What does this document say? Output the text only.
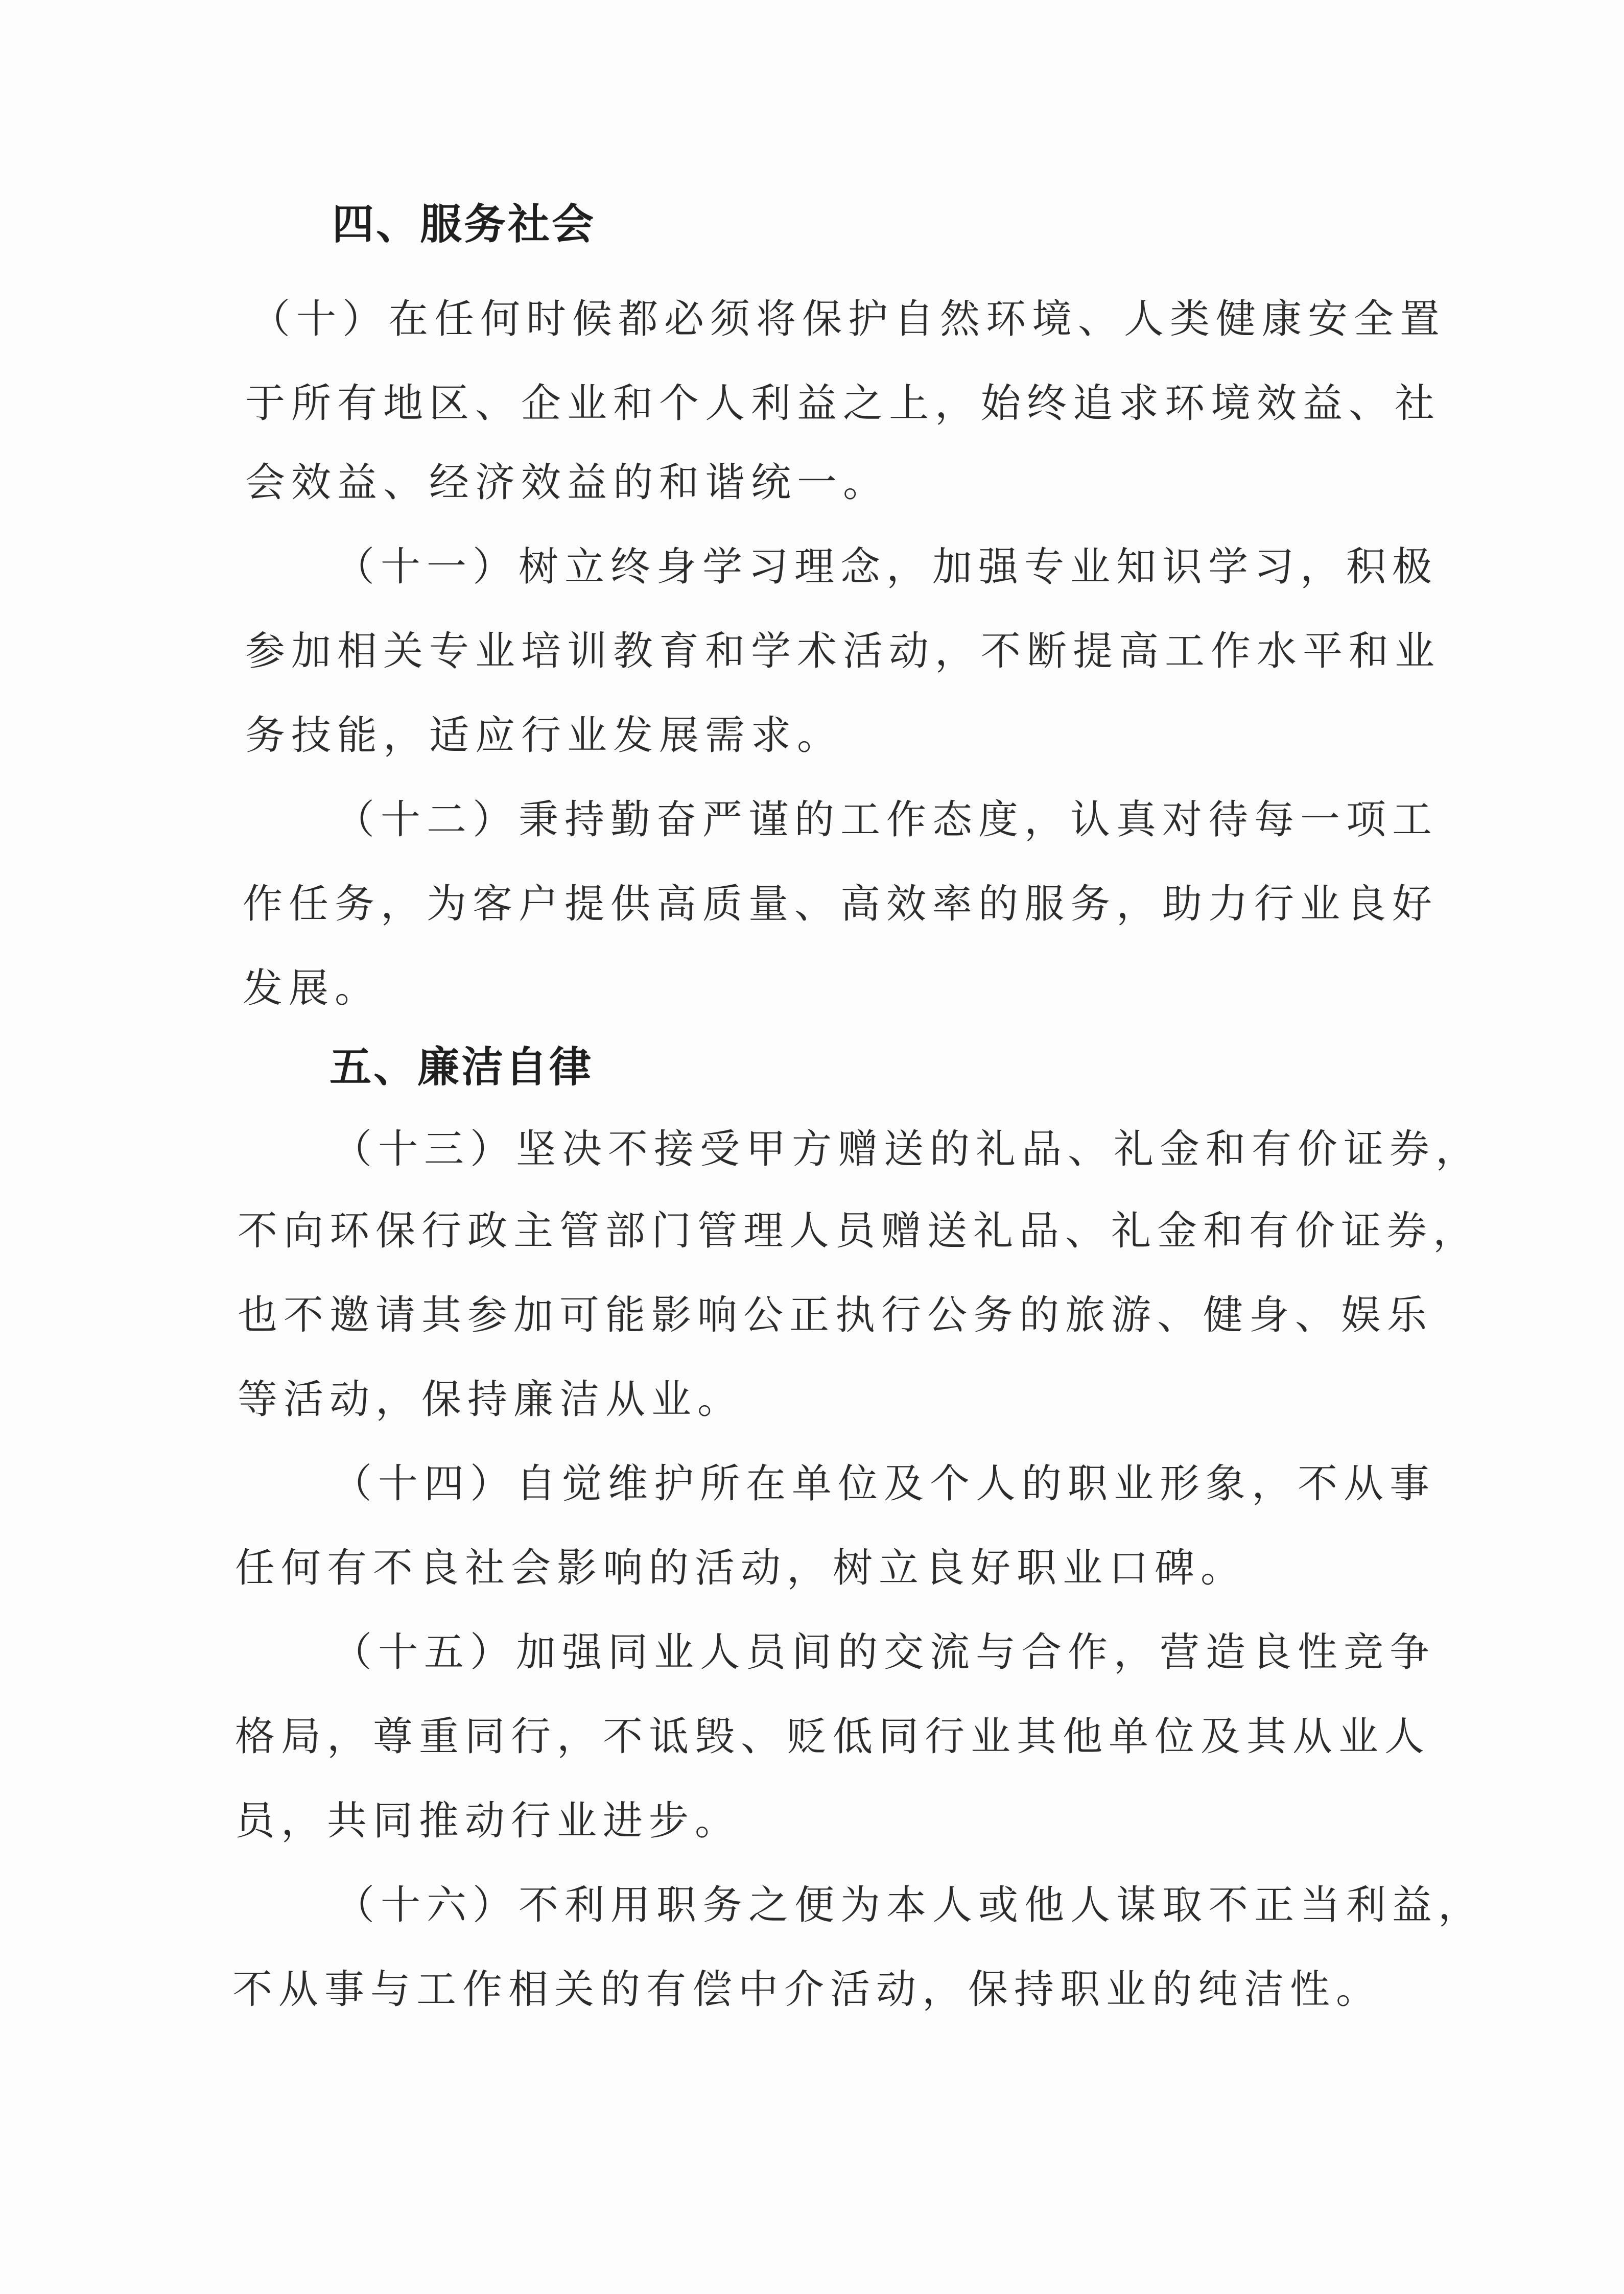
四、服务社会
（十）在任何时候都必须将保护自然环境、人类健康安全置
于所有地区、企业和个人利益之上，始终追求环境效益、社
会效益、经济效益的和谐统一。
（十一）树立终身学习理念，加强专业知识学习，积极
参加相关专业培训教育和学术活动，不断提高工作水平和业
务技能，适应行业发展需求。
（十二）秉持勤奋严谨的工作态度，认真对待每一项工
作任务，为客户提供高质量、高效率的服务，助力行业良好
发展。
五、廉洁自律
（十三）坚决不接受甲方赠送的礼品、礼金和有价证券，
不向环保行政主管部门管理人员赠送礼品、礼金和有价证券，
也不邀请其参加可能影响公正执行公务的旅游、健身、娱乐
等活动，保持廉洁从业。
（十四）自觉维护所在单位及个人的职业形象，不从事
任何有不良社会影响的活动，树立良好职业口碑。
（十五）加强同业人员间的交流与合作，营造良性竞争
格局，尊重同行，不诋毁、贬低同行业其他单位及其从业人
员，共同推动行业进步。
（十六）不利用职务之便为本人或他人谋取不正当利益，
不从事与工作相关的有偿中介活动，保持职业的纯洁性。
